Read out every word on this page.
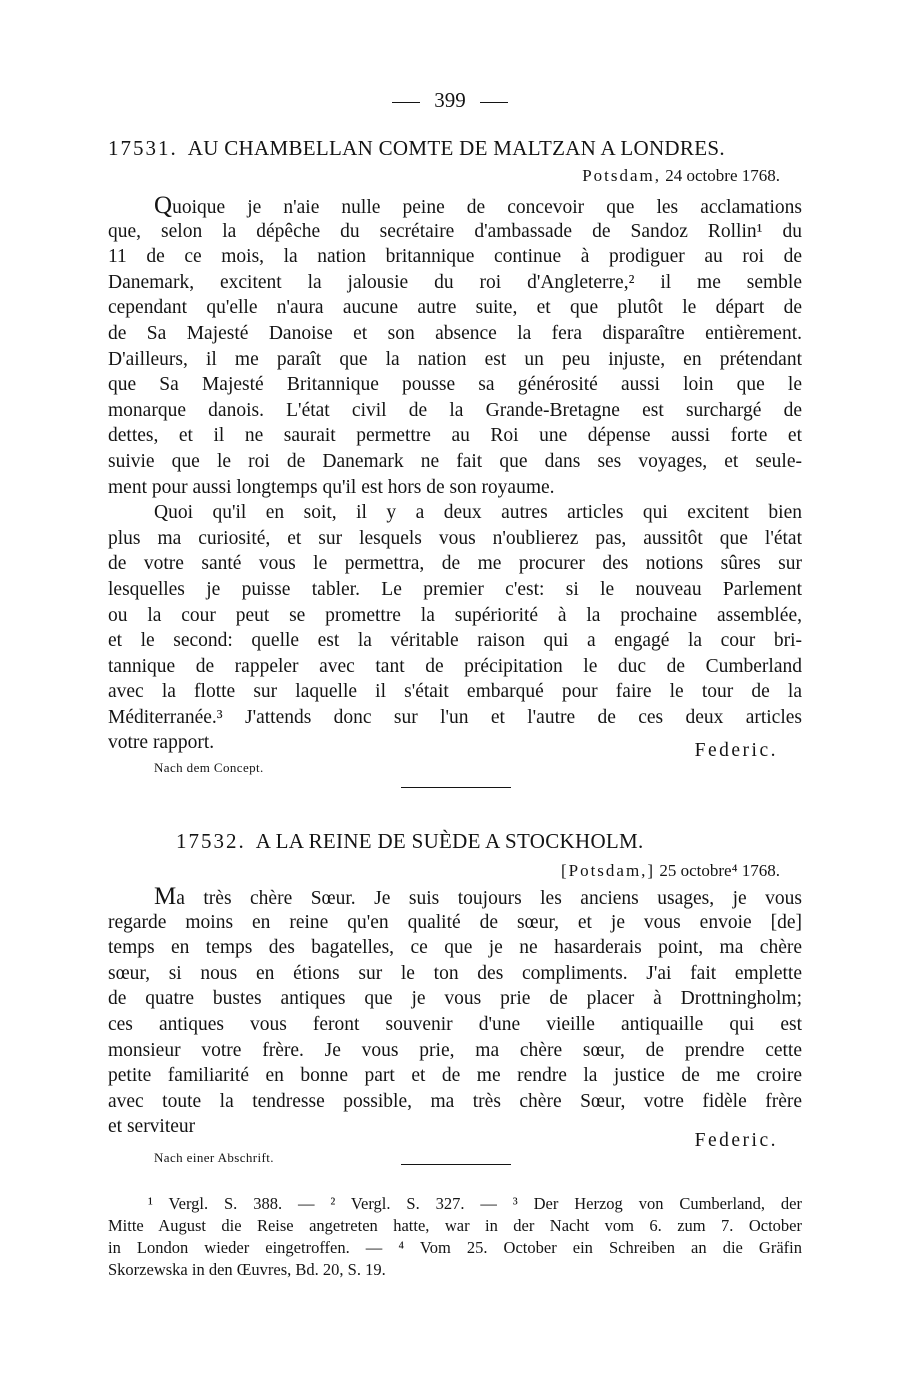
399
17531. AU CHAMBELLAN COMTE DE MALTZAN A LONDRES.
Potsdam, 24 octobre 1768.
Quoique je n'aie nulle peine de concevoir que les acclamations
que, selon la dépêche du secrétaire d'ambassade de Sandoz Rollin¹ du
11 de ce mois, la nation britannique continue à prodiguer au roi de
Danemark, excitent la jalousie du roi d'Angleterre,² il me semble
cependant qu'elle n'aura aucune autre suite, et que plutôt le départ de
de Sa Majesté Danoise et son absence la fera disparaître entièrement.
D'ailleurs, il me paraît que la nation est un peu injuste, en prétendant
que Sa Majesté Britannique pousse sa générosité aussi loin que le
monarque danois. L'état civil de la Grande-Bretagne est surchargé de
dettes, et il ne saurait permettre au Roi une dépense aussi forte et
suivie que le roi de Danemark ne fait que dans ses voyages, et seule-
ment pour aussi longtemps qu'il est hors de son royaume.
Quoi qu'il en soit, il y a deux autres articles qui excitent bien
plus ma curiosité, et sur lesquels vous n'oublierez pas, aussitôt que l'état
de votre santé vous le permettra, de me procurer des notions sûres sur
lesquelles je puisse tabler. Le premier c'est: si le nouveau Parlement
ou la cour peut se promettre la supériorité à la prochaine assemblée,
et le second: quelle est la véritable raison qui a engagé la cour bri-
tannique de rappeler avec tant de précipitation le duc de Cumberland
avec la flotte sur laquelle il s'était embarqué pour faire le tour de la
Méditerranée.³ J'attends donc sur l'un et l'autre de ces deux articles
votre rapport.	Federic.
Nach dem Concept.
17532. A LA REINE DE SUÈDE A STOCKHOLM.
[Potsdam,] 25 octobre⁴ 1768.
Ma très chère Sœur. Je suis toujours les anciens usages, je vous
regarde moins en reine qu'en qualité de sœur, et je vous envoie [de]
temps en temps des bagatelles, ce que je ne hasarderais point, ma chère
sœur, si nous en étions sur le ton des compliments. J'ai fait emplette
de quatre bustes antiques que je vous prie de placer à Drottningholm;
ces antiques vous feront souvenir d'une vieille antiquaille qui est
monsieur votre frère. Je vous prie, ma chère sœur, de prendre cette
petite familiarité en bonne part et de me rendre la justice de me croire
avec toute la tendresse possible, ma très chère Sœur, votre fidèle frère
et serviteur
Federic.
Nach einer Abschrift.
¹ Vergl. S. 388. — ² Vergl. S. 327. — ³ Der Herzog von Cumberland, der
Mitte August die Reise angetreten hatte, war in der Nacht vom 6. zum 7. October
in London wieder eingetroffen. — ⁴ Vom 25. October ein Schreiben an die Gräfin
Skorzewska in den Œuvres, Bd. 20, S. 19.
